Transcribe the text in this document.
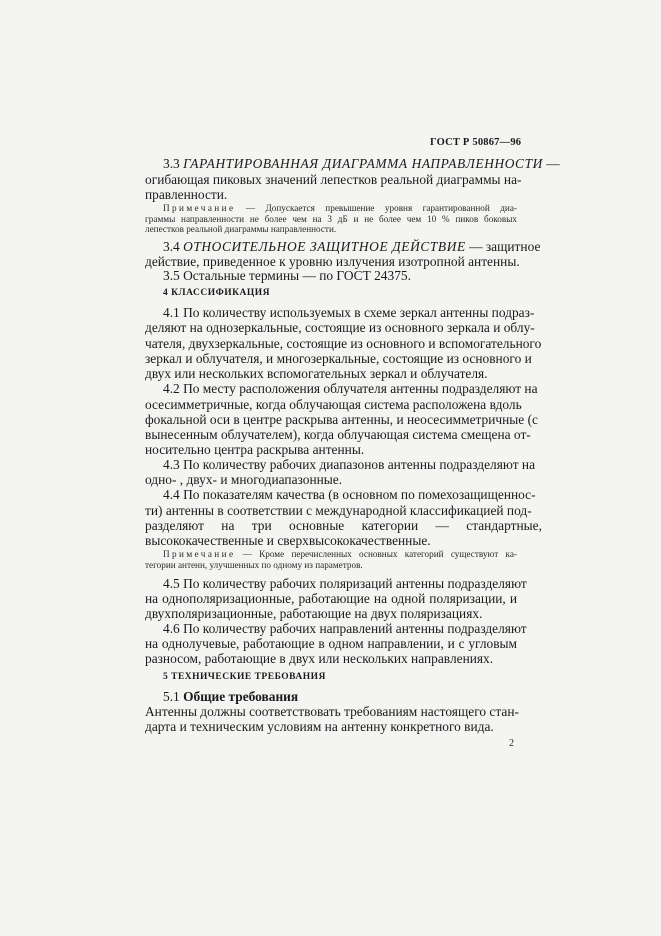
ГОСТ Р 50867—96
3.3 ГАРАНТИРОВАННАЯ ДИАГРАММА НАПРАВЛЕННОСТИ —
огибающая пиковых значений лепестков реальной диаграммы на-
правленности.
Примечание — Допускается превышение уровня гарантированной диа-
граммы направленности не более чем на 3 дБ и не более чем 10 % пиков боковых
лепестков реальной диаграммы направленности.
3.4 ОТНОСИТЕЛЬНОЕ ЗАЩИТНОЕ ДЕЙСТВИЕ — защитное
действие, приведенное к уровню излучения изотропной антенны.
3.5 Остальные термины — по ГОСТ 24375.
4 КЛАССИФИКАЦИЯ
4.1 По количеству используемых в схеме зеркал антенны подраз-
деляют на однозеркальные, состоящие из основного зеркала и облу-
чателя, двухзеркальные, состоящие из основного и вспомогательного
зеркал и облучателя, и многозеркальные, состоящие из основного и
двух или нескольких вспомогательных зеркал и облучателя.
4.2 По месту расположения облучателя антенны подразделяют на
осесимметричные, когда облучающая система расположена вдоль
фокальной оси в центре раскрыва антенны, и неосесимметричные (с
вынесенным облучателем), когда облучающая система смещена от-
носительно центра раскрыва антенны.
4.3 По количеству рабочих диапазонов антенны подразделяют на
одно- , двух- и многодиапазонные.
4.4 По показателям качества (в основном по помехозащищеннос-
ти) антенны в соответствии с международной классификацией под-
разделяют на три основные категории — стандартные,
высококачественные и сверхвысококачественные.
Примечание — Кроме перечисленных основных категорий существуют ка-
тегории антенн, улучшенных по одному из параметров.
4.5 По количеству рабочих поляризаций антенны подразделяют
на однополяризационные, работающие на одной поляризации, и
двухполяризационные, работающие на двух поляризациях.
4.6 По количеству рабочих направлений антенны подразделяют
на однолучевые, работающие в одном направлении, и с угловым
разносом, работающие в двух или нескольких направлениях.
5 ТЕХНИЧЕСКИЕ ТРЕБОВАНИЯ
5.1 Общие требования
Антенны должны соответствовать требованиям настоящего стан-
дарта и техническим условиям на антенну конкретного вида.
2
